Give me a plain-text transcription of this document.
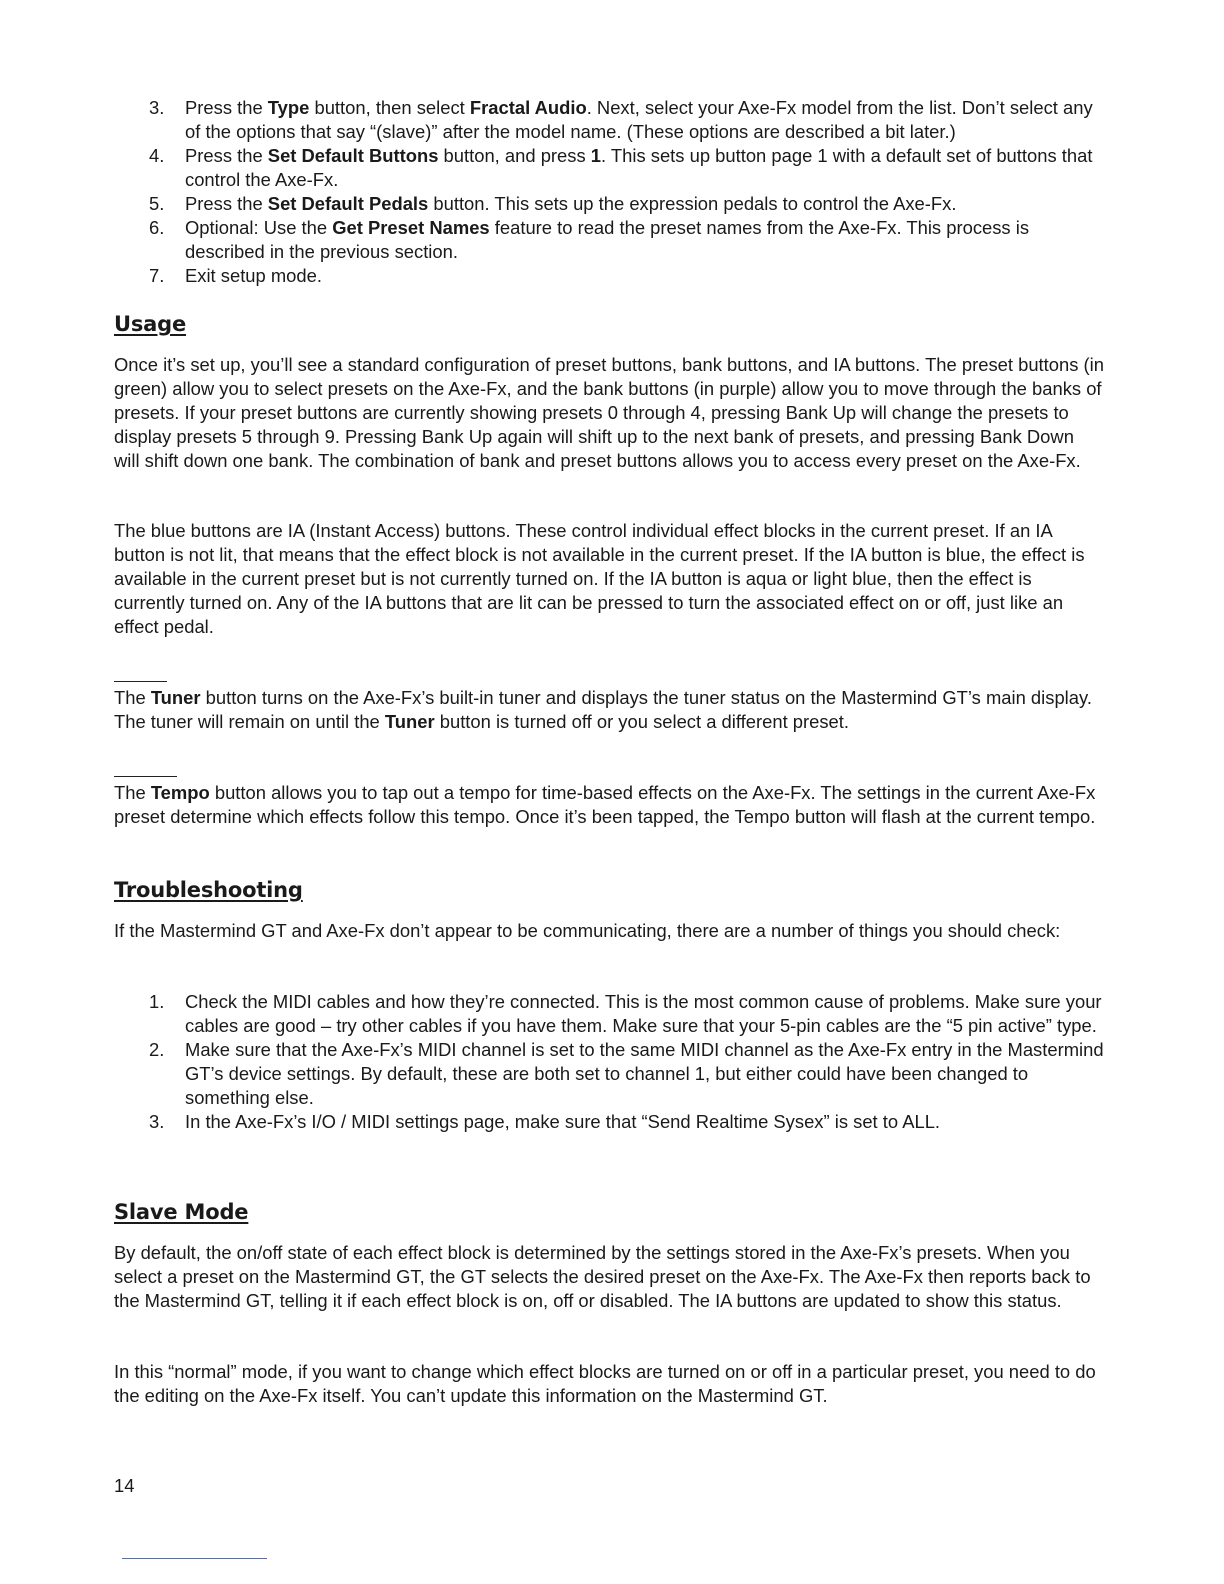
3. Press the Type button, then select Fractal Audio. Next, select your Axe-Fx model from the list. Don’t select any of the options that say “(slave)” after the model name. (These options are described a bit later.)
4. Press the Set Default Buttons button, and press 1. This sets up button page 1 with a default set of buttons that control the Axe-Fx.
5. Press the Set Default Pedals button. This sets up the expression pedals to control the Axe-Fx.
6. Optional: Use the Get Preset Names feature to read the preset names from the Axe-Fx. This process is described in the previous section.
7. Exit setup mode.
Usage

Once it’s set up, you’ll see a standard configuration of preset buttons, bank buttons, and IA buttons. The preset buttons (in green) allow you to select presets on the Axe-Fx, and the bank buttons (in purple) allow you to move through the banks of presets. If your preset buttons are currently showing presets 0 through 4, pressing Bank Up will change the presets to display presets 5 through 9. Pressing Bank Up again will shift up to the next bank of presets, and pressing Bank Down will shift down one bank. The combination of bank and preset buttons allows you to access every preset on the Axe-Fx.

The blue buttons are IA (Instant Access) buttons. These control individual effect blocks in the current preset. If an IA button is not lit, that means that the effect block is not available in the current preset. If the IA button is blue, the effect is available in the current preset but is not currently turned on. If the IA button is aqua or light blue, then the effect is currently turned on. Any of the IA buttons that are lit can be pressed to turn the associated effect on or off, just like an effect pedal.

The Tuner button turns on the Axe-Fx’s built-in tuner and displays the tuner status on the Mastermind GT’s main display. The tuner will remain on until the Tuner button is turned off or you select a different preset.

The Tempo button allows you to tap out a tempo for time-based effects on the Axe-Fx. The settings in the current Axe-Fx preset determine which effects follow this tempo. Once it’s been tapped, the Tempo button will flash at the current tempo.

Troubleshooting

If the Mastermind GT and Axe-Fx don’t appear to be communicating, there are a number of things you should check:

1. Check the MIDI cables and how they’re connected. This is the most common cause of problems. Make sure your cables are good – try other cables if you have them. Make sure that your 5-pin cables are the “5 pin active” type.
2. Make sure that the Axe-Fx’s MIDI channel is set to the same MIDI channel as the Axe-Fx entry in the Mastermind GT’s device settings. By default, these are both set to channel 1, but either could have been changed to something else.
3. In the Axe-Fx’s I/O / MIDI settings page, make sure that “Send Realtime Sysex” is set to ALL.
Slave Mode

By default, the on/off state of each effect block is determined by the settings stored in the Axe-Fx’s presets. When you select a preset on the Mastermind GT, the GT selects the desired preset on the Axe-Fx. The Axe-Fx then reports back to the Mastermind GT, telling it if each effect block is on, off or disabled. The IA buttons are updated to show this status.

In this “normal” mode, if you want to change which effect blocks are turned on or off in a particular preset, you need to do the editing on the Axe-Fx itself. You can’t update this information on the Mastermind GT.

14
